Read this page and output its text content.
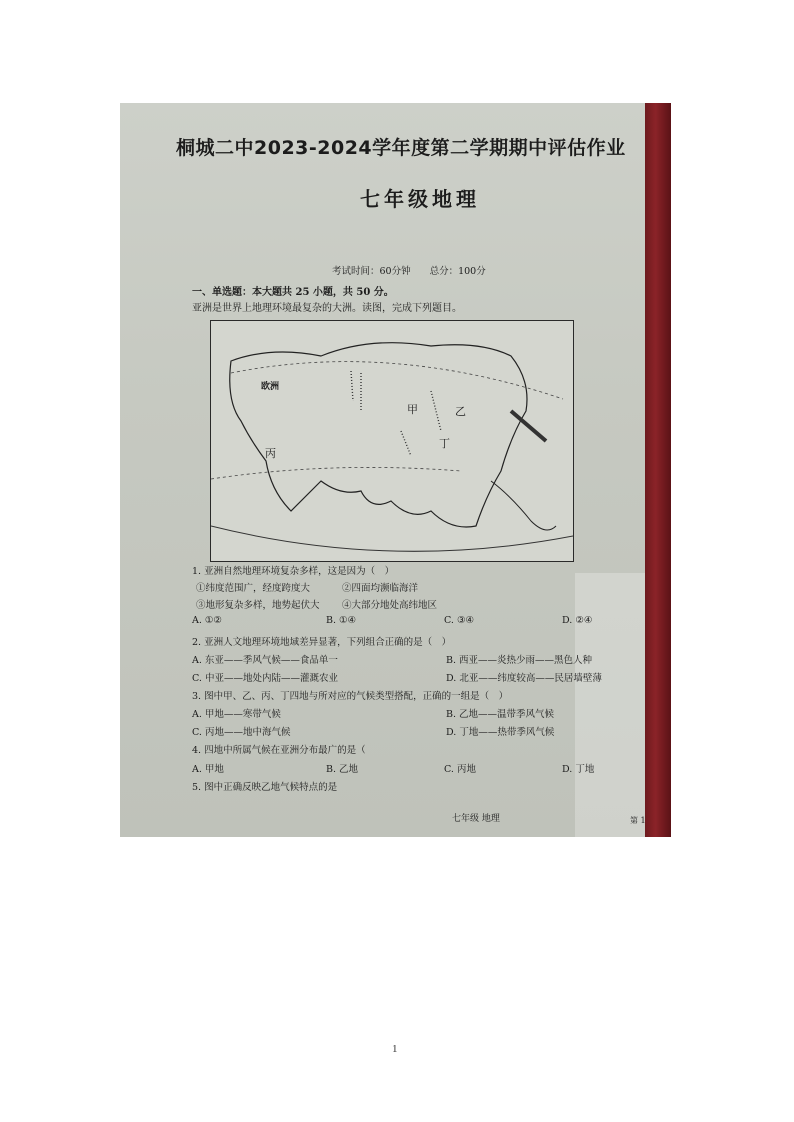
桐城二中2023-2024学年度第二学期期中评估作业
七年级地理
考试时间：60分钟　　总分：100分
一、单选题：本大题共 25 小题，共 50 分。
亚洲是世界上地理环境最复杂的大洲。读图，完成下列题目。
欧洲
甲	乙
丙
丁
1. 亚洲自然地理环境复杂多样，这是因为（　）
①纬度范围广，经度跨度大	②四面均濒临海洋
③地形复杂多样，地势起伏大 ④大部分地处高纬地区
A. ①②	B. ①④	C. ③④	D. ②④
2. 亚洲人文地理环境地域差异显著，下列组合正确的是（　）
A. 东亚——季风气候——食品单一	B. 西亚——炎热少雨——黑色人种
C. 中亚——地处内陆——灌溉农业	D. 北亚——纬度较高——民居墙壁薄
3. 图中甲、乙、丙、丁四地与所对应的气候类型搭配，正确的一组是（　）
A. 甲地——寒带气候	B. 乙地——温带季风气候
C. 丙地——地中海气候	D. 丁地——热带季风气候
4. 四地中所属气候在亚洲分布最广的是（
A. 甲地	B. 乙地	C. 丙地	D. 丁地
5. 图中正确反映乙地气候特点的是
七年级 地理	第 1
1
